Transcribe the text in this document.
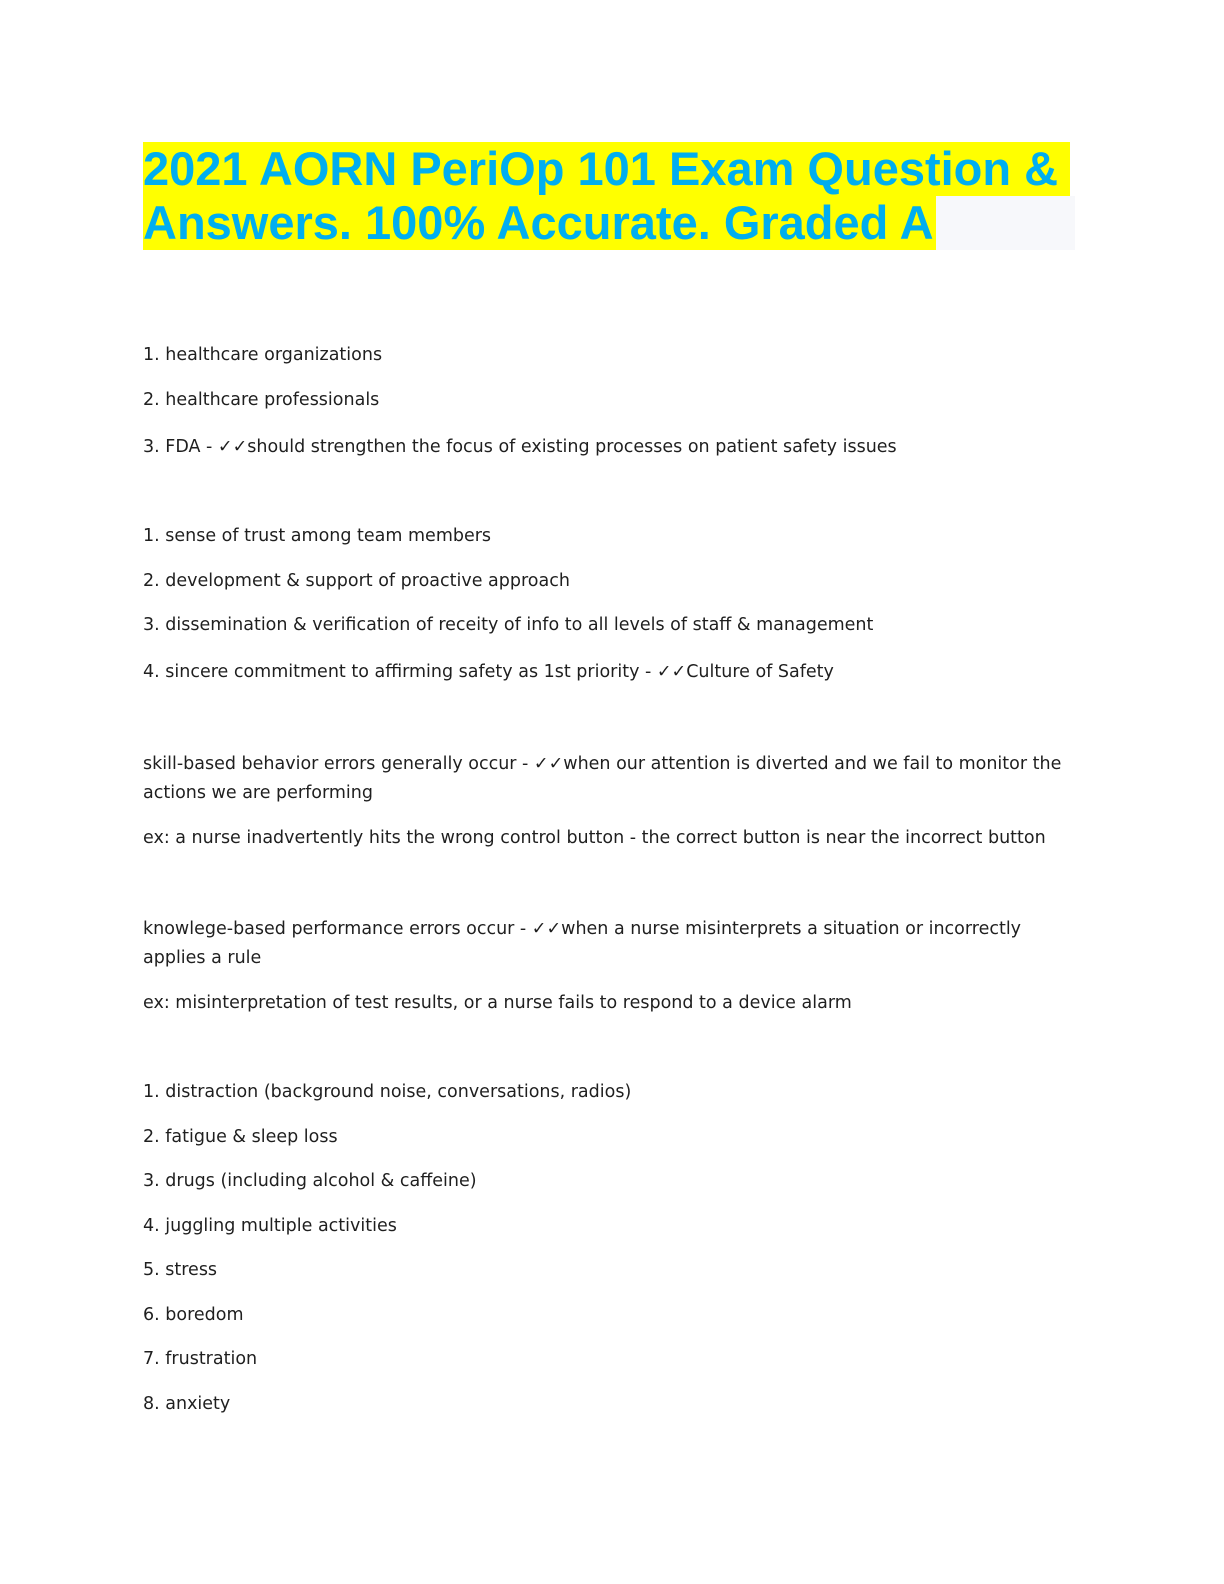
2021 AORN PeriOp 101 Exam Question &
Answers. 100% Accurate. Graded A
1. healthcare organizations
2. healthcare professionals
3. FDA - ✓✓should strengthen the focus of existing processes on patient safety issues
1. sense of trust among team members
2. development & support of proactive approach
3. dissemination & verification of receity of info to all levels of staff & management
4. sincere commitment to affirming safety as 1st priority - ✓✓Culture of Safety
skill-based behavior errors generally occur - ✓✓when our attention is diverted and we fail to monitor the actions we are performing
ex: a nurse inadvertently hits the wrong control button - the correct button is near the incorrect button
knowlege-based performance errors occur - ✓✓when a nurse misinterprets a situation or incorrectly applies a rule
ex: misinterpretation of test results, or a nurse fails to respond to a device alarm
1. distraction (background noise, conversations, radios)
2. fatigue & sleep loss
3. drugs (including alcohol & caffeine)
4. juggling multiple activities
5. stress
6. boredom
7. frustration
8. anxiety
